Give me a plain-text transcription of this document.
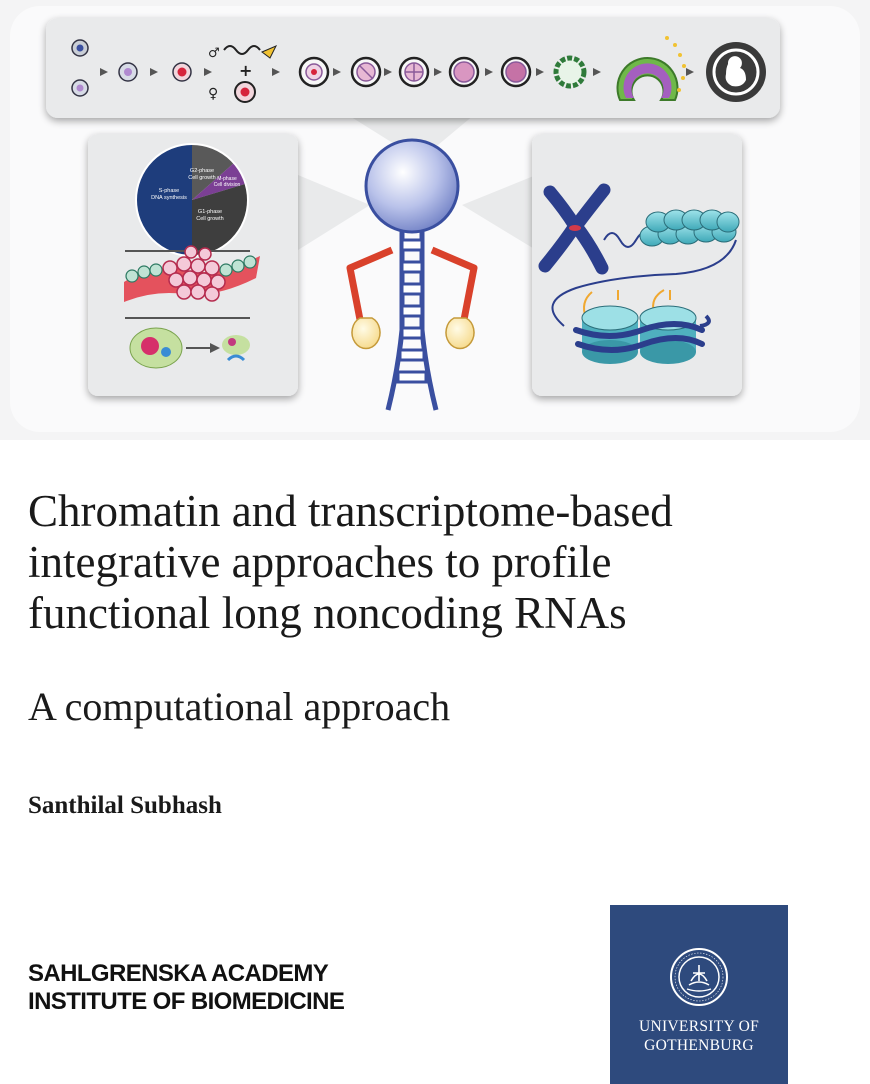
♂
+
♀
G2-phase
Cell growth M-phase
Cell division
S-phase
DNA synthesis
G1-phase
Cell growth
Chromatin and transcriptome-based
integrative approaches to profile
functional long noncoding RNAs
A computational approach

Santhilal Subhash

SAHLGRENSKA ACADEMY
INSTITUTE OF BIOMEDICINE
UNIVERSITY OF
GOTHENBURG
